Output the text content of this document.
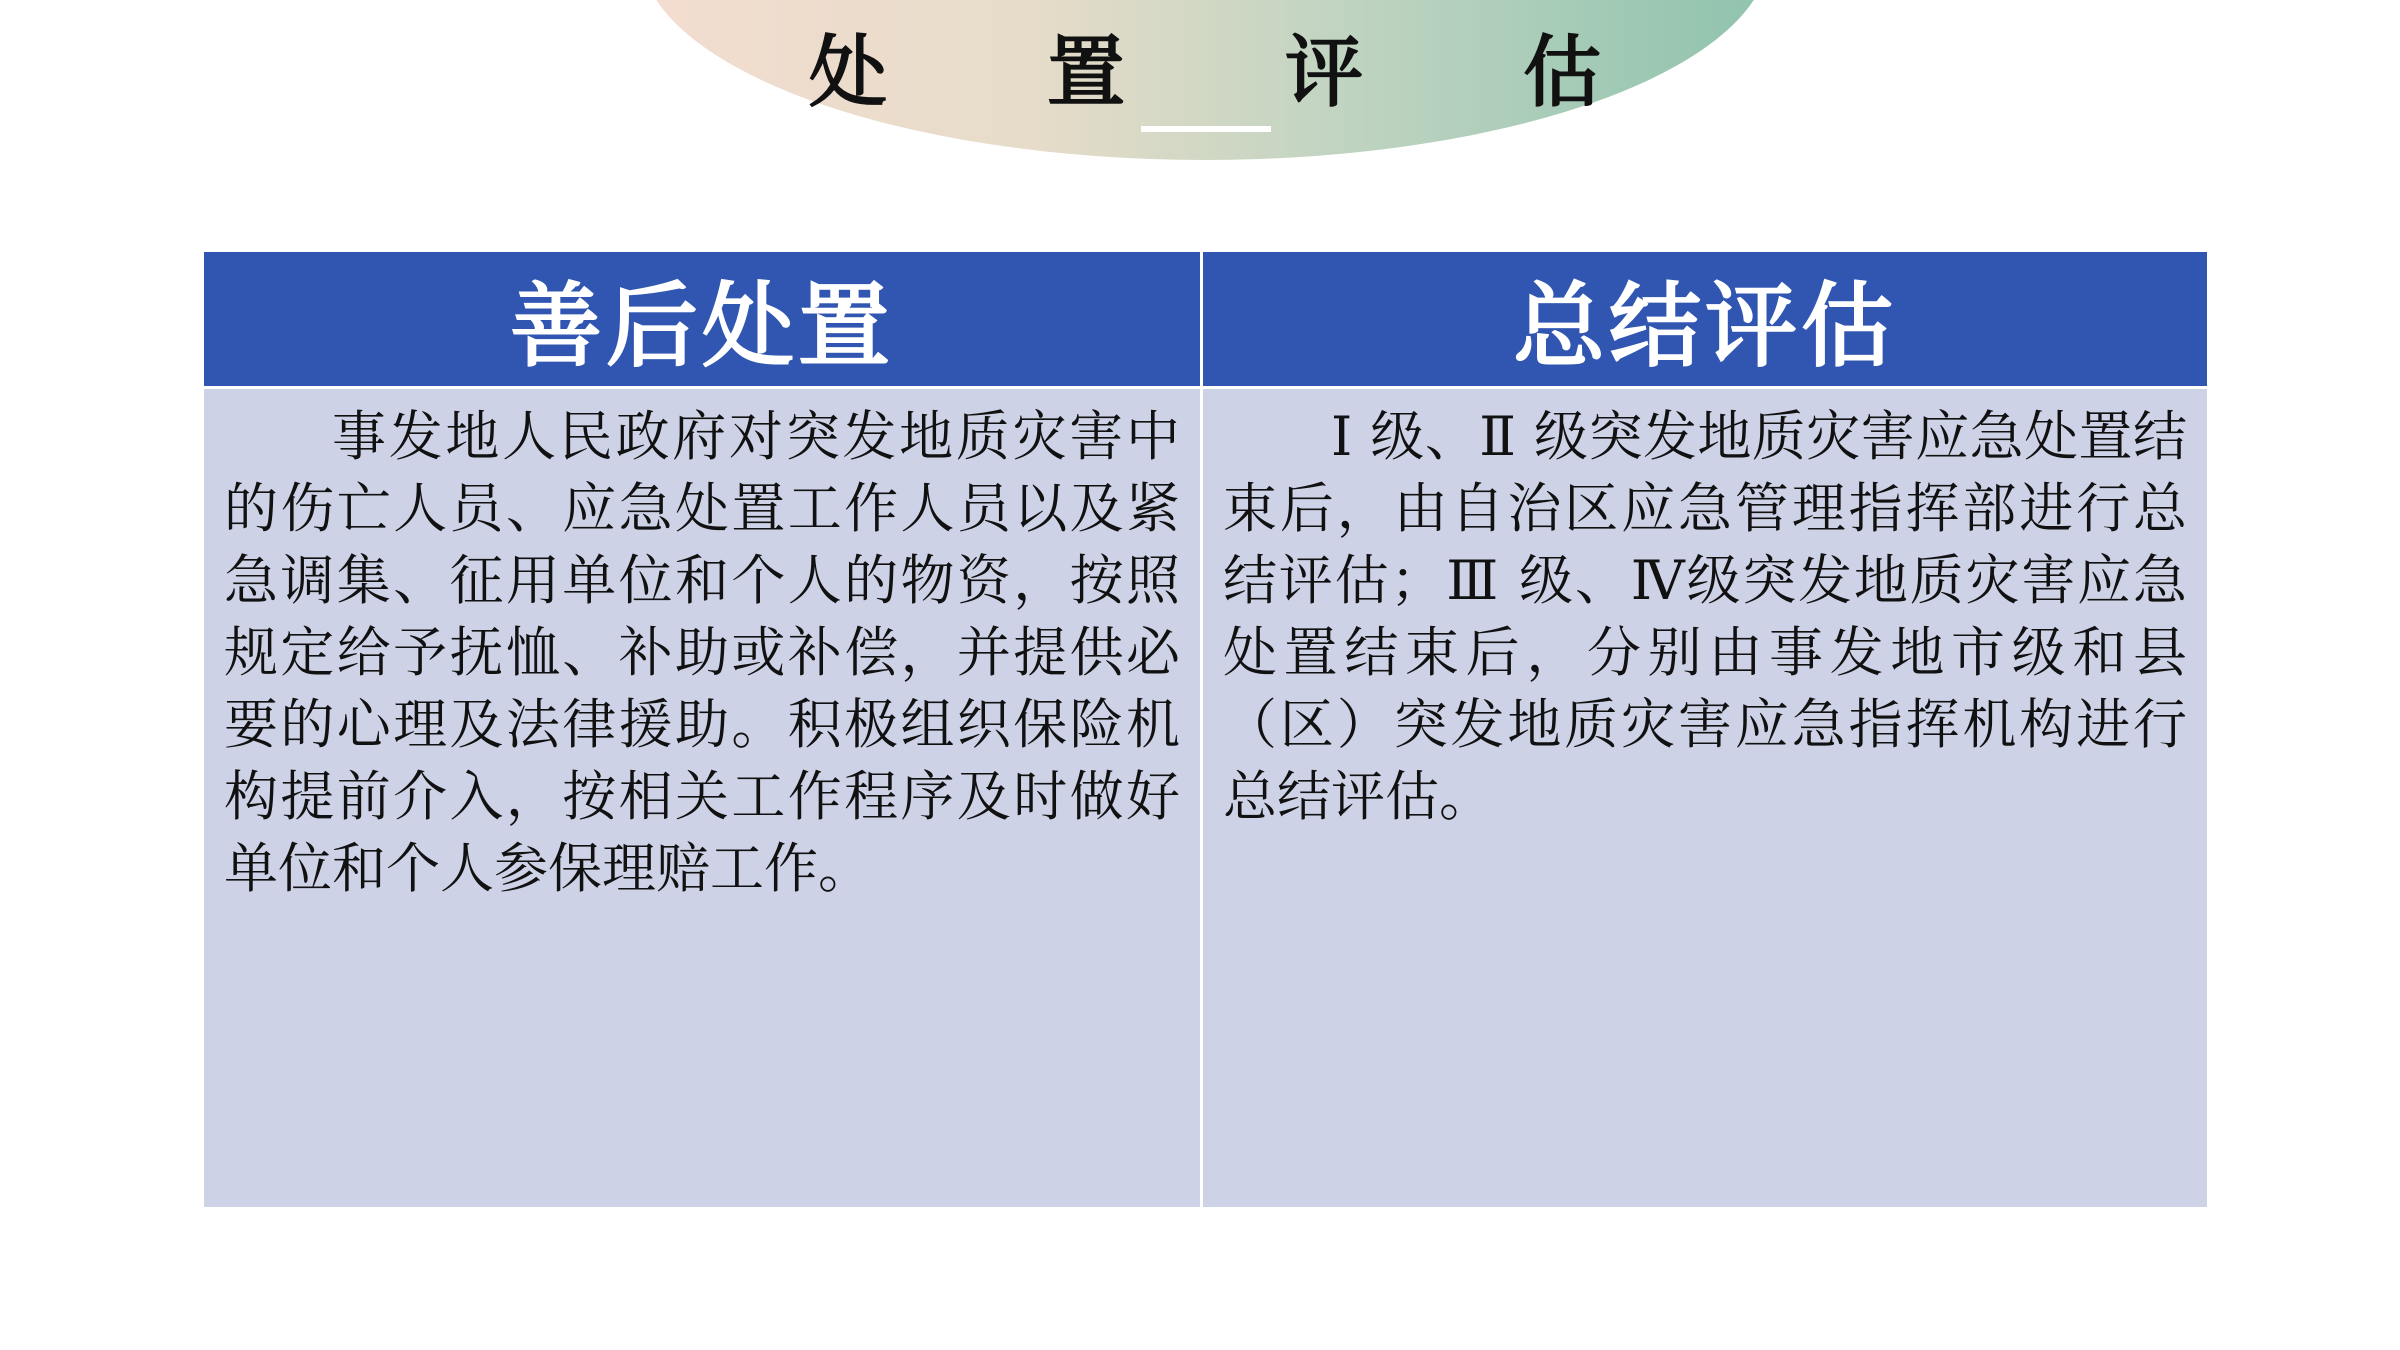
处置评估
善后处置	总结评估

事发地人民政府对突发地质灾害中的伤亡人员、应急处置工作人员以及紧急调集、征用单位和个人的物资，按照规定给予抚恤、补助或补偿，并提供必要的心理及法律援助。积极组织保险机构提前介入，按相关工作程序及时做好单位和个人参保理赔工作。

Ⅰ 级、Ⅱ 级突发地质灾害应急处置结束后，由自治区应急管理指挥部进行总结评估；Ⅲ 级、Ⅳ级突发地质灾害应急处置结束后，分别由事发地市级和县（区）突发地质灾害应急指挥机构进行总结评估。
